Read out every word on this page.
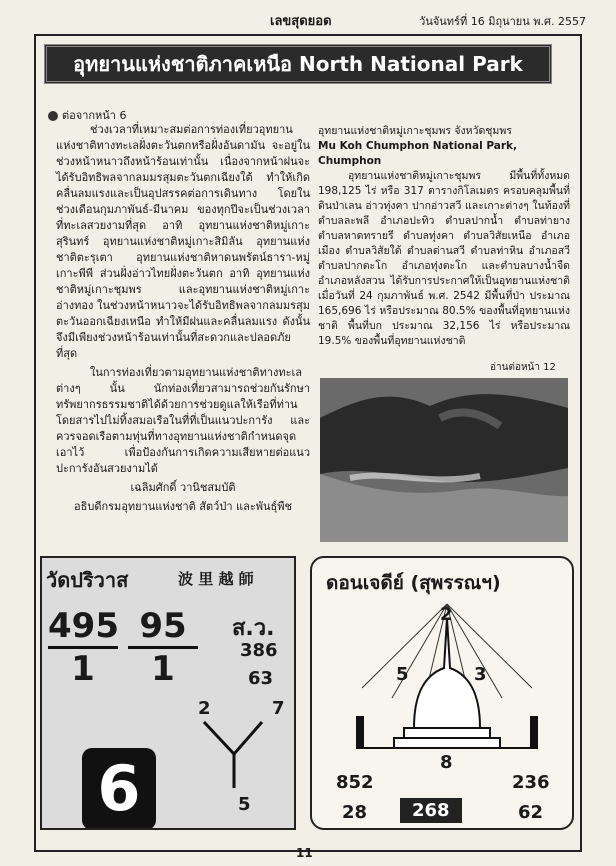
เลขสุดยอด	วันจันทร์ที่ 16 มิถุนายน พ.ศ. 2557
อุทยานแห่งชาติภาคเหนือ North National Park
ต่อจากหน้า 6

ช่วงเวลาที่เหมาะสมต่อการท่องเที่ยวอุทยานแห่งชาติทางทะเลฝั่งตะวันตกหรือฝั่งอันดามัน จะอยู่ในช่วงหน้าหนาวถึงหน้าร้อนเท่านั้น เนื่องจากหน้าฝนจะได้รับอิทธิพลจากลมมรสุมตะวันตกเฉียงใต้ ทำให้เกิดคลื่นลมแรงและเป็นอุปสรรคต่อการเดินทาง โดยในช่วงเดือนกุมภาพันธ์-มีนาคม ของทุกปีจะเป็นช่วงเวลาที่ทะเลสวยงามที่สุด อาทิ อุทยานแห่งชาติหมู่เกาะสุรินทร์ อุทยานแห่งชาติหมู่เกาะสิมิลัน อุทยานแห่งชาติตะรุเตา อุทยานแห่งชาติหาดนพรัตน์ธารา-หมู่เกาะพีพี ส่วนฝั่งอ่าวไทยฝั่งตะวันตก อาทิ อุทยานแห่งชาติหมู่เกาะชุมพร และอุทยานแห่งชาติหมู่เกาะอ่างทอง ในช่วงหน้าหนาวจะได้รับอิทธิพลจากลมมรสุมตะวันออกเฉียงเหนือ ทำให้มีฝนและคลื่นลมแรง ดังนั้นจึงมีเพียงช่วงหน้าร้อนเท่านั้นที่สะดวกและปลอดภัยที่สุด

ในการท่องเที่ยวตามอุทยานแห่งชาติทางทะเลต่างๆ นั้น นักท่องเที่ยวสามารถช่วยกันรักษาทรัพยากรธรรมชาติได้ด้วยการช่วยดูแลให้เรือที่ท่านโดยสารไปไม่ทิ้งสมอเรือในที่ที่เป็นแนวปะการัง และควรจอดเรือตามทุ่นที่ทางอุทยานแห่งชาติกำหนดจุดเอาไว้ เพื่อป้องกันการเกิดความเสียหายต่อแนวปะการังอันสวยงามได้

เฉลิมศักดิ์ วานิชสมบัติ
อธิบดีกรมอุทยานแห่งชาติ สัตว์ป่า และพันธุ์พืช
อุทยานแห่งชาติหมู่เกาะชุมพร จังหวัดชุมพร
Mu Koh Chumphon National Park, Chumphon

อุทยานแห่งชาติหมู่เกาะชุมพร มีพื้นที่ทั้งหมด 198,125 ไร่ หรือ 317 ตารางกิโลเมตร ครอบคลุมพื้นที่ดินป่าเลน อ่าวทุ่งคา ปากอ่าวสวี และเกาะต่างๆ ในท้องที่ตำบลละพลี อำเภอปะทิว ตำบลปากน้ำ ตำบลท่ายาง ตำบลหาดทรายรี ตำบลทุ่งคา ตำบลวิสัยเหนือ อำเภอเมือง ตำบลวิสัยใต้ ตำบลด่านสวี ตำบลท่าหิน อำเภอสวี ตำบลปากตะโก อำเภอทุ่งตะโก และตำบลบางน้ำจืด อำเภอหลังสวน ได้รับการประกาศให้เป็นอุทยานแห่งชาติเมื่อวันที่ 24 กุมภาพันธ์ พ.ศ. 2542 มีพื้นที่ป่า ประมาณ 165,696 ไร่ หรือประมาณ 80.5% ของพื้นที่อุทยานแห่งชาติ พื้นที่บก ประมาณ 32,156 ไร่ หรือประมาณ 19.5% ของพื้นที่อุทยานแห่งชาติ

อ่านต่อหน้า 12
วัดปริวาส	波 里 越 師
$\frac{495}{1} \frac{95}{1}$ ส.ว.
386
63
2	7
5
6
ดอนเจดีย์ (สุพรรณฯ)
2
5	3
6
8
852
28	268
236
62
11
